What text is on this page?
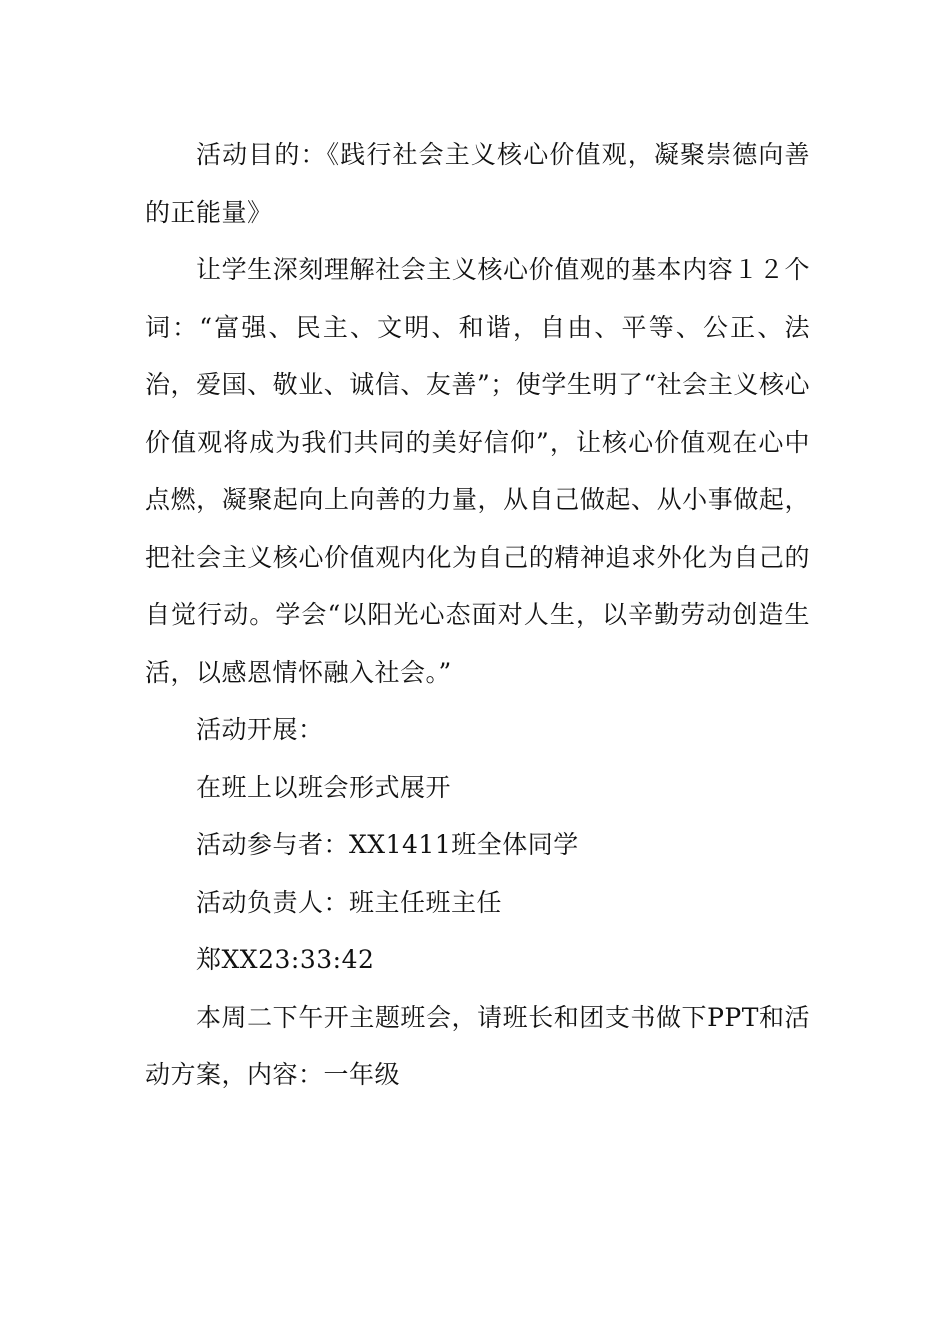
活动目的：《践行社会主义核心价值观，凝聚崇德向善的正能量》

让学生深刻理解社会主义核心价值观的基本内容１２个词：“富强、民主、文明、和谐，自由、平等、公正、法治，爱国、敬业、诚信、友善”；使学生明了“社会主义核心价值观将成为我们共同的美好信仰”，让核心价值观在心中点燃，凝聚起向上向善的力量，从自己做起、从小事做起，把社会主义核心价值观内化为自己的精神追求外化为自己的自觉行动。学会“以阳光心态面对人生，以辛勤劳动创造生活，以感恩情怀融入社会。”

活动开展：

在班上以班会形式展开

活动参与者：XX1411班全体同学

活动负责人：班主任班主任

郑XX23:33:42

本周二下午开主题班会，请班长和团支书做下PPT和活动方案，内容：一年级
